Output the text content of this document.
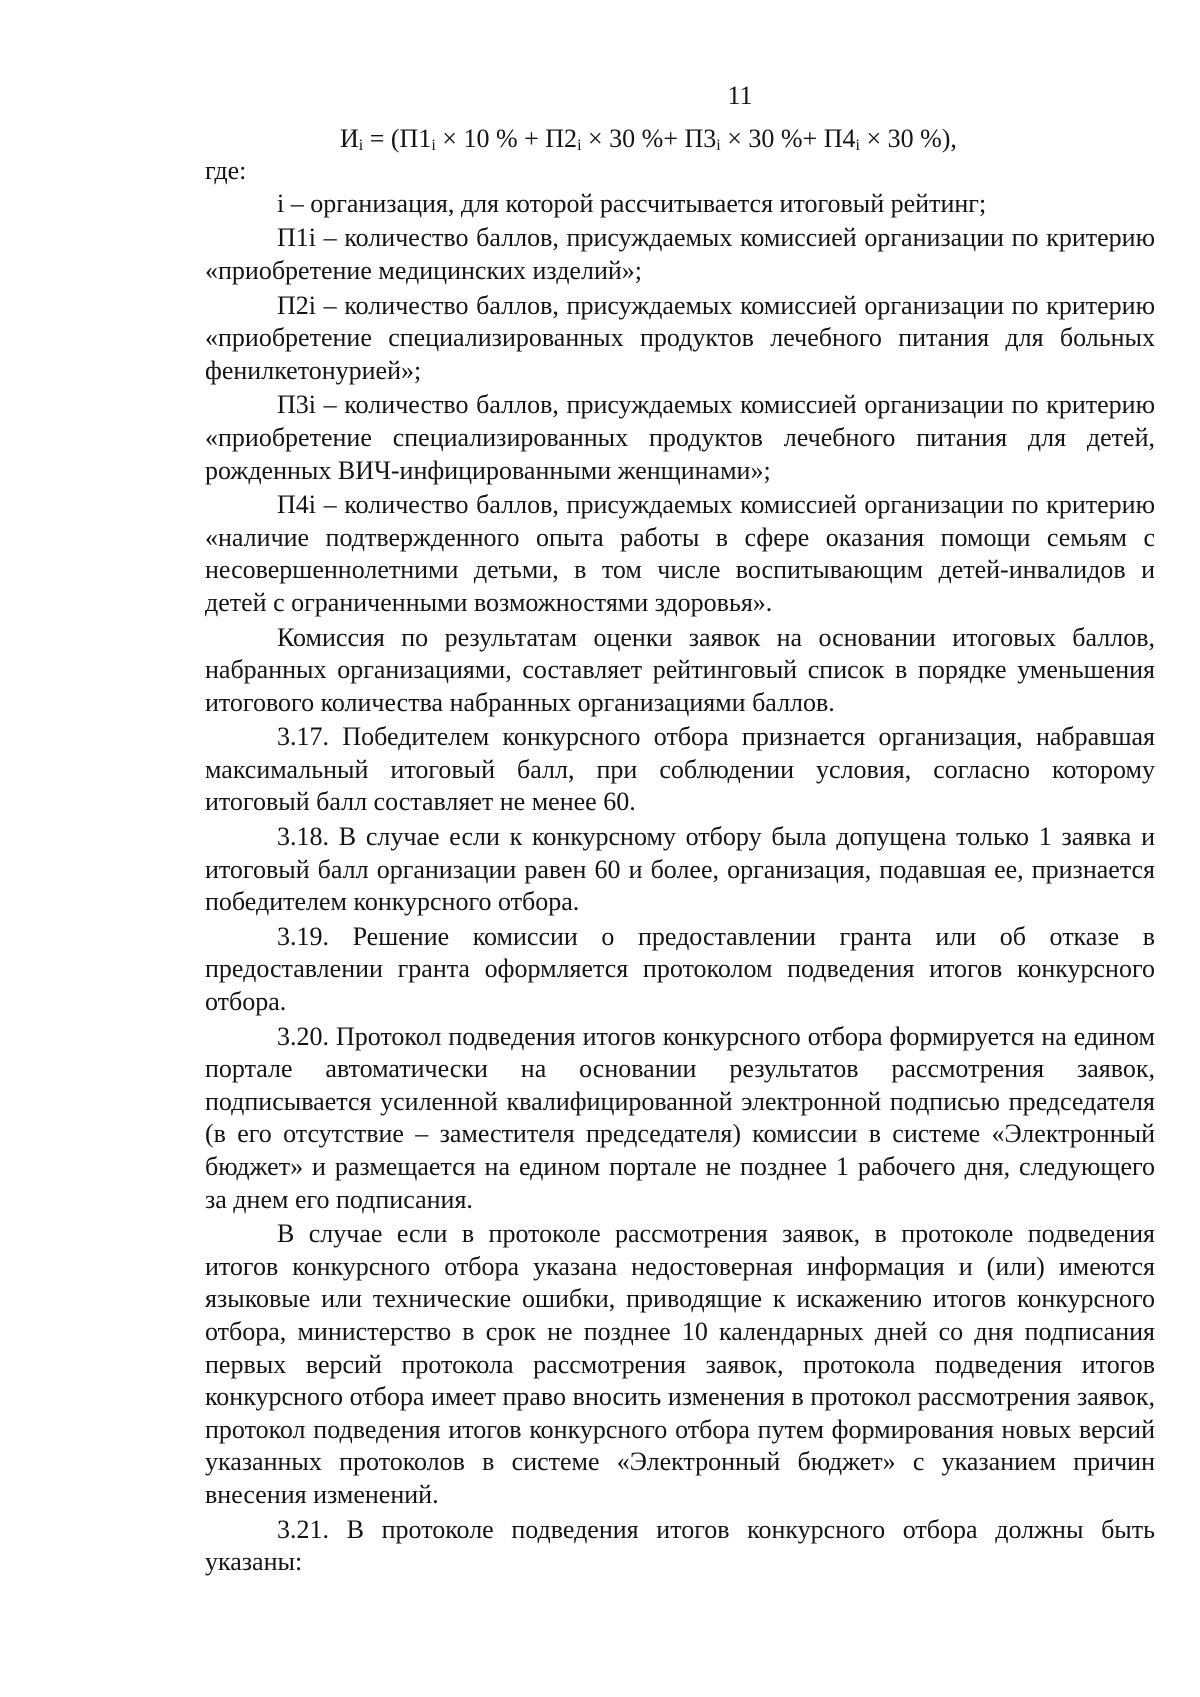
11
$И_i = (П1_i \times 10$ % + $П2_i \times 30$ %+ $П3_i \times 30$ %+ $П4_i \times 30$ %),
где:

i – организация, для которой рассчитывается итоговый рейтинг;

П1i – количество баллов, присуждаемых комиссией организации по критерию «приобретение медицинских изделий»;

П2i – количество баллов, присуждаемых комиссией организации по критерию «приобретение специализированных продуктов лечебного питания для больных фенилкетонурией»;

П3i – количество баллов, присуждаемых комиссией организации по критерию «приобретение специализированных продуктов лечебного питания для детей, рожденных ВИЧ-инфицированными женщинами»;

П4i – количество баллов, присуждаемых комиссией организации по критерию «наличие подтвержденного опыта работы в сфере оказания помощи семьям с несовершеннолетними детьми, в том числе воспитывающим детей-инвалидов и детей с ограниченными возможностями здоровья».

Комиссия по результатам оценки заявок на основании итоговых баллов, набранных организациями, составляет рейтинговый список в порядке уменьшения итогового количества набранных организациями баллов.

3.17. Победителем конкурсного отбора признается организация, набравшая максимальный итоговый балл, при соблюдении условия, согласно которому итоговый балл составляет не менее 60.

3.18. В случае если к конкурсному отбору была допущена только 1 заявка и итоговый балл организации равен 60 и более, организация, подавшая ее, признается победителем конкурсного отбора.

3.19. Решение комиссии о предоставлении гранта или об отказе в предоставлении гранта оформляется протоколом подведения итогов конкурсного отбора.

3.20. Протокол подведения итогов конкурсного отбора формируется на едином портале автоматически на основании результатов рассмотрения заявок, подписывается усиленной квалифицированной электронной подписью председателя (в его отсутствие – заместителя председателя) комиссии в системе «Электронный бюджет» и размещается на едином портале не позднее 1 рабочего дня, следующего за днем его подписания.

В случае если в протоколе рассмотрения заявок, в протоколе подведения итогов конкурсного отбора указана недостоверная информация и (или) имеются языковые или технические ошибки, приводящие к искажению итогов конкурсного отбора, министерство в срок не позднее 10 календарных дней со дня подписания первых версий протокола рассмотрения заявок, протокола подведения итогов конкурсного отбора имеет право вносить изменения в протокол рассмотрения заявок, протокол подведения итогов конкурсного отбора путем формирования новых версий указанных протоколов в системе «Электронный бюджет» с указанием причин внесения изменений.

3.21. В протоколе подведения итогов конкурсного отбора должны быть указаны:
